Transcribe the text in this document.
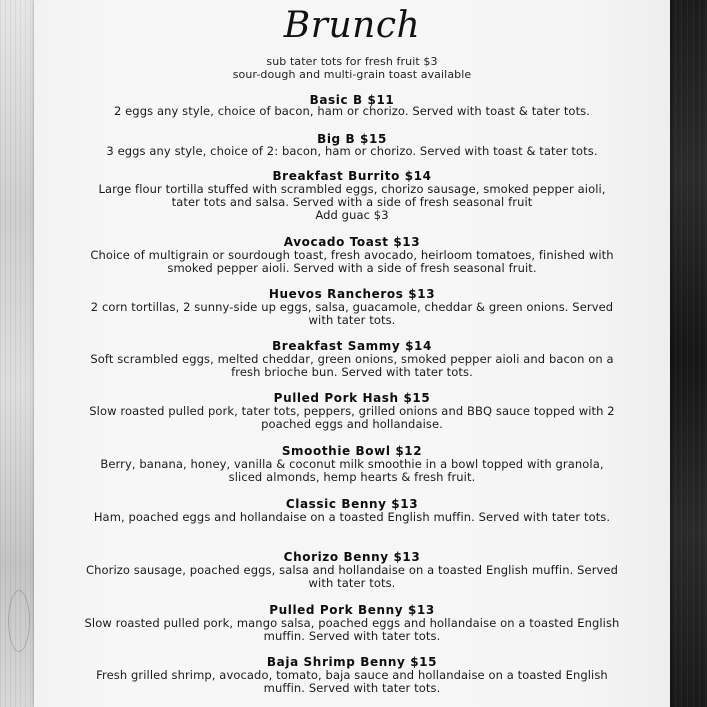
Brunch
sub tater tots for fresh fruit $3
sour-dough and multi-grain toast available
Basic B $11
2 eggs any style, choice of bacon, ham or chorizo. Served with toast & tater tots.
Big B $15
3 eggs any style, choice of 2: bacon, ham or chorizo. Served with toast & tater tots.
Breakfast Burrito $14
Large flour tortilla stuffed with scrambled eggs, chorizo sausage, smoked pepper aioli, tater tots and salsa. Served with a side of fresh seasonal fruit
Add guac $3
Avocado Toast $13
Choice of multigrain or sourdough toast, fresh avocado, heirloom tomatoes, finished with smoked pepper aioli. Served with a side of fresh seasonal fruit.
Huevos Rancheros $13
2 corn tortillas, 2 sunny-side up eggs, salsa, guacamole, cheddar & green onions. Served with tater tots.
Breakfast Sammy $14
Soft scrambled eggs, melted cheddar, green onions, smoked pepper aioli and bacon on a fresh brioche bun. Served with tater tots.
Pulled Pork Hash $15
Slow roasted pulled pork, tater tots, peppers, grilled onions and BBQ sauce topped with 2 poached eggs and hollandaise.
Smoothie Bowl $12
Berry, banana, honey, vanilla & coconut milk smoothie in a bowl topped with granola, sliced almonds, hemp hearts & fresh fruit.
Classic Benny $13
Ham, poached eggs and hollandaise on a toasted English muffin. Served with tater tots.
Chorizo Benny $13
Chorizo sausage, poached eggs, salsa and hollandaise on a toasted English muffin. Served with tater tots.
Pulled Pork Benny $13
Slow roasted pulled pork, mango salsa, poached eggs and hollandaise on a toasted English muffin. Served with tater tots.
Baja Shrimp Benny $15
Fresh grilled shrimp, avocado, tomato, baja sauce and hollandaise on a toasted English muffin. Served with tater tots.
